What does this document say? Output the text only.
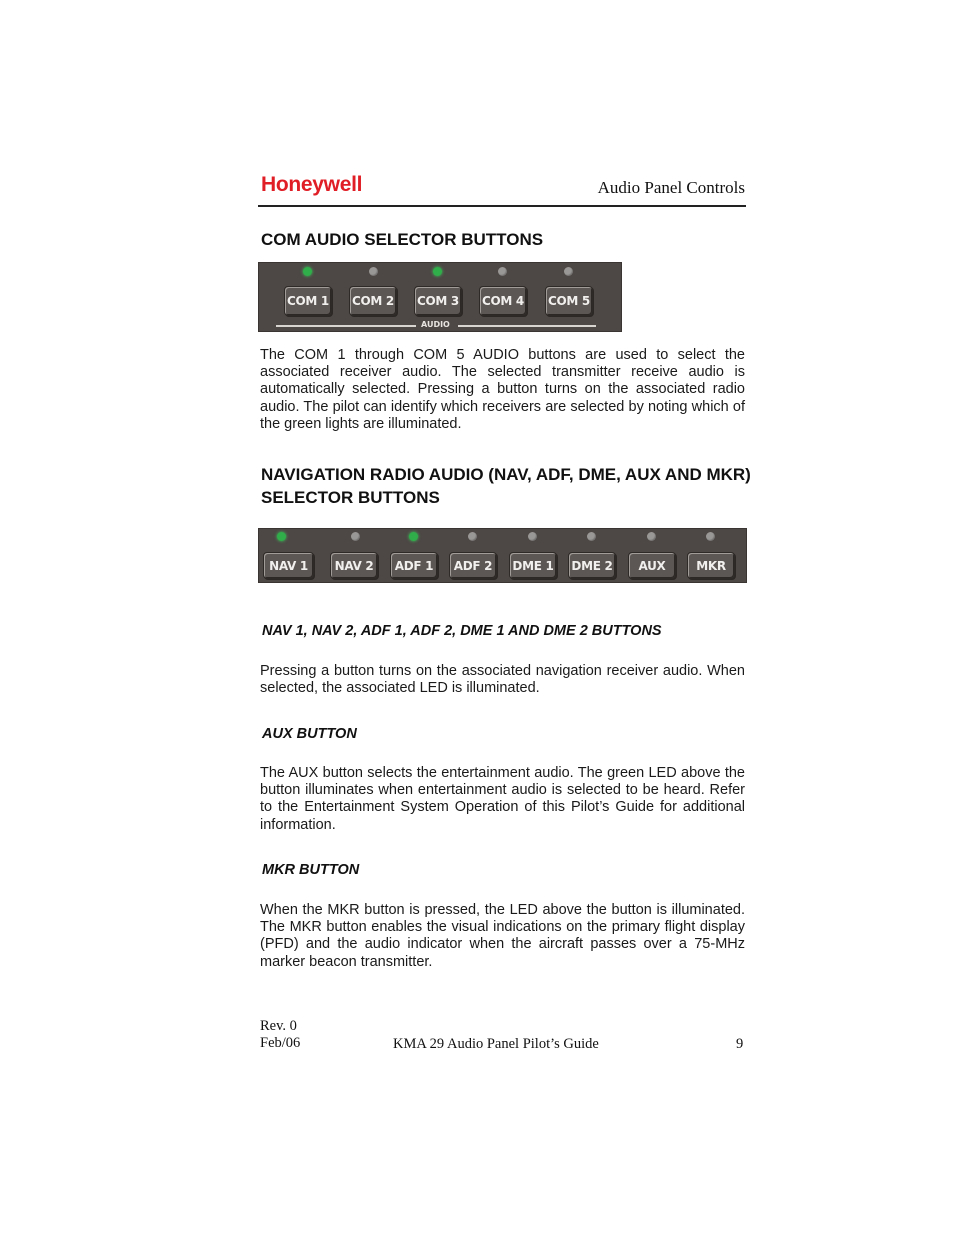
Honeywell	Audio Panel Controls
COM AUDIO SELECTOR BUTTONS
COM 1 COM 2 COM 3 COM 4 COM 5
AUDIO

The COM 1 through COM 5 AUDIO buttons are used to select the associated receiver audio. The selected transmitter receive audio is automatically selected. Pressing a button turns on the associated radio audio. The pilot can identify which receivers are selected by noting which of the green lights are illuminated.

NAVIGATION RADIO AUDIO (NAV, ADF, DME, AUX AND MKR) SELECTOR BUTTONS
NAV 1	NAV 2	ADF 1	ADF 2	DME 1 DME 2	AUX	MKR
NAV 1, NAV 2, ADF 1, ADF 2, DME 1 AND DME 2 BUTTONS

Pressing a button turns on the associated navigation receiver audio. When selected, the associated LED is illuminated.

AUX BUTTON

The AUX button selects the entertainment audio. The green LED above the button illuminates when entertainment audio is selected to be heard. Refer to the Entertainment System Operation of this Pilot’s Guide for additional information.

MKR BUTTON

When the MKR button is pressed, the LED above the button is illuminated. The MKR button enables the visual indications on the primary flight display (PFD) and the audio indicator when the aircraft passes over a 75-MHz marker beacon transmitter.

Rev. 0
Feb/06	KMA 29 Audio Panel Pilot’s Guide	9
